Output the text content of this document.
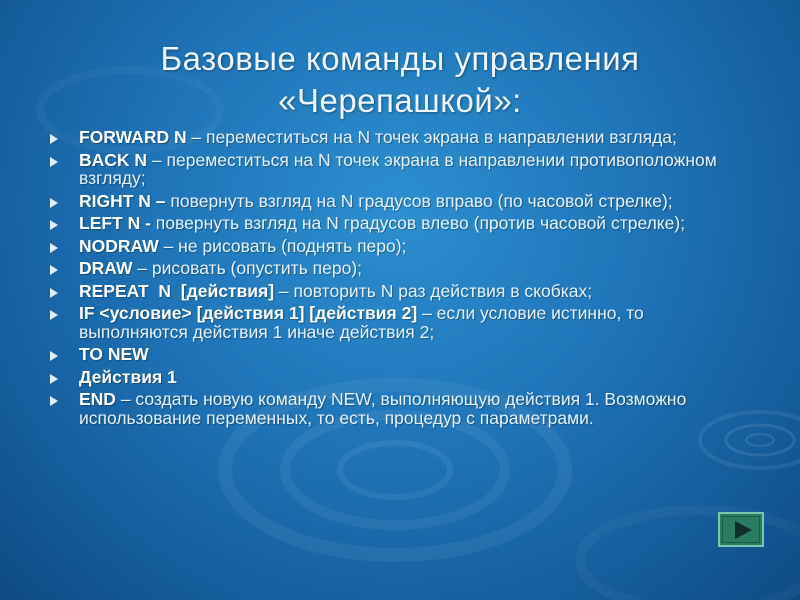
Базовые команды управления
«Черепашкой»:
FORWARD N – переместиться на N точек экрана в направлении взгляда;
BACK N – переместиться на N точек экрана в направлении противоположном взгляду;
RIGHT N – повернуть взгляд на N градусов вправо (по часовой стрелке);
LEFT N - повернуть взгляд на N градусов влево (против часовой стрелке);
NODRAW – не рисовать (поднять перо);
DRAW – рисовать (опустить перо);
REPEAT  N  [действия] – повторить N раз действия в скобках;
IF <условие> [действия 1] [действия 2] – если условие истинно, то выполняются действия 1 иначе действия 2;
TO NEW
Действия 1
END – создать новую команду NEW, выполняющую действия 1. Возможно использование переменных, то есть, процедур с параметрами.
